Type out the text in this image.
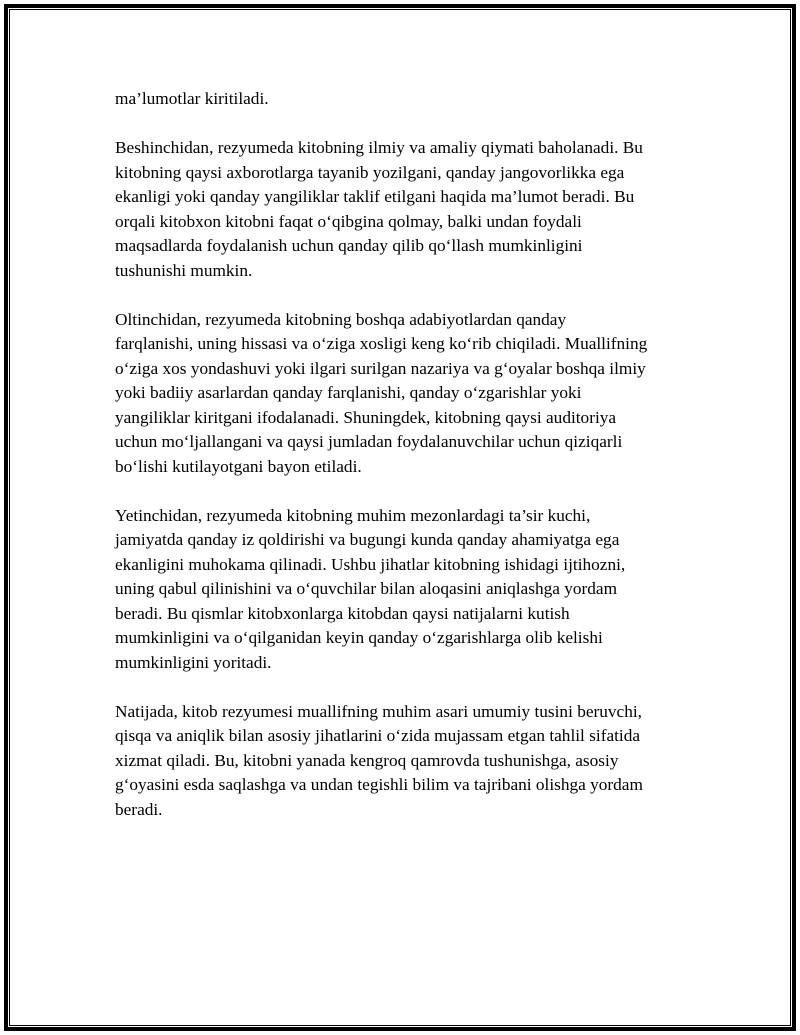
ma’lumotlar kiritiladi.

Beshinchidan, rezyumeda kitobning ilmiy va amaliy qiymati baholanadi. Bu
kitobning qaysi axborotlarga tayanib yozilgani, qanday jangovorlikka ega
ekanligi yoki qanday yangiliklar taklif etilgani haqida ma’lumot beradi. Bu
orqali kitobxon kitobni faqat o‘qibgina qolmay, balki undan foydali
maqsadlarda foydalanish uchun qanday qilib qo‘llash mumkinligini
tushunishi mumkin.

Oltinchidan, rezyumeda kitobning boshqa adabiyotlardan qanday
farqlanishi, uning hissasi va o‘ziga xosligi keng ko‘rib chiqiladi. Muallifning
o‘ziga xos yondashuvi yoki ilgari surilgan nazariya va g‘oyalar boshqa ilmiy
yoki badiiy asarlardan qanday farqlanishi, qanday o‘zgarishlar yoki
yangiliklar kiritgani ifodalanadi. Shuningdek, kitobning qaysi auditoriya
uchun mo‘ljallangani va qaysi jumladan foydalanuvchilar uchun qiziqarli
bo‘lishi kutilayotgani bayon etiladi.

Yetinchidan, rezyumeda kitobning muhim mezonlardagi ta’sir kuchi,
jamiyatda qanday iz qoldirishi va bugungi kunda qanday ahamiyatga ega
ekanligini muhokama qilinadi. Ushbu jihatlar kitobning ishidagi ijtihozni,
uning qabul qilinishini va o‘quvchilar bilan aloqasini aniqlashga yordam
beradi. Bu qismlar kitobxonlarga kitobdan qaysi natijalarni kutish
mumkinligini va o‘qilganidan keyin qanday o‘zgarishlarga olib kelishi
mumkinligini yoritadi.

Natijada, kitob rezyumesi muallifning muhim asari umumiy tusini beruvchi,
qisqa va aniqlik bilan asosiy jihatlarini o‘zida mujassam etgan tahlil sifatida
xizmat qiladi. Bu, kitobni yanada kengroq qamrovda tushunishga, asosiy
g‘oyasini esda saqlashga va undan tegishli bilim va tajribani olishga yordam
beradi.
